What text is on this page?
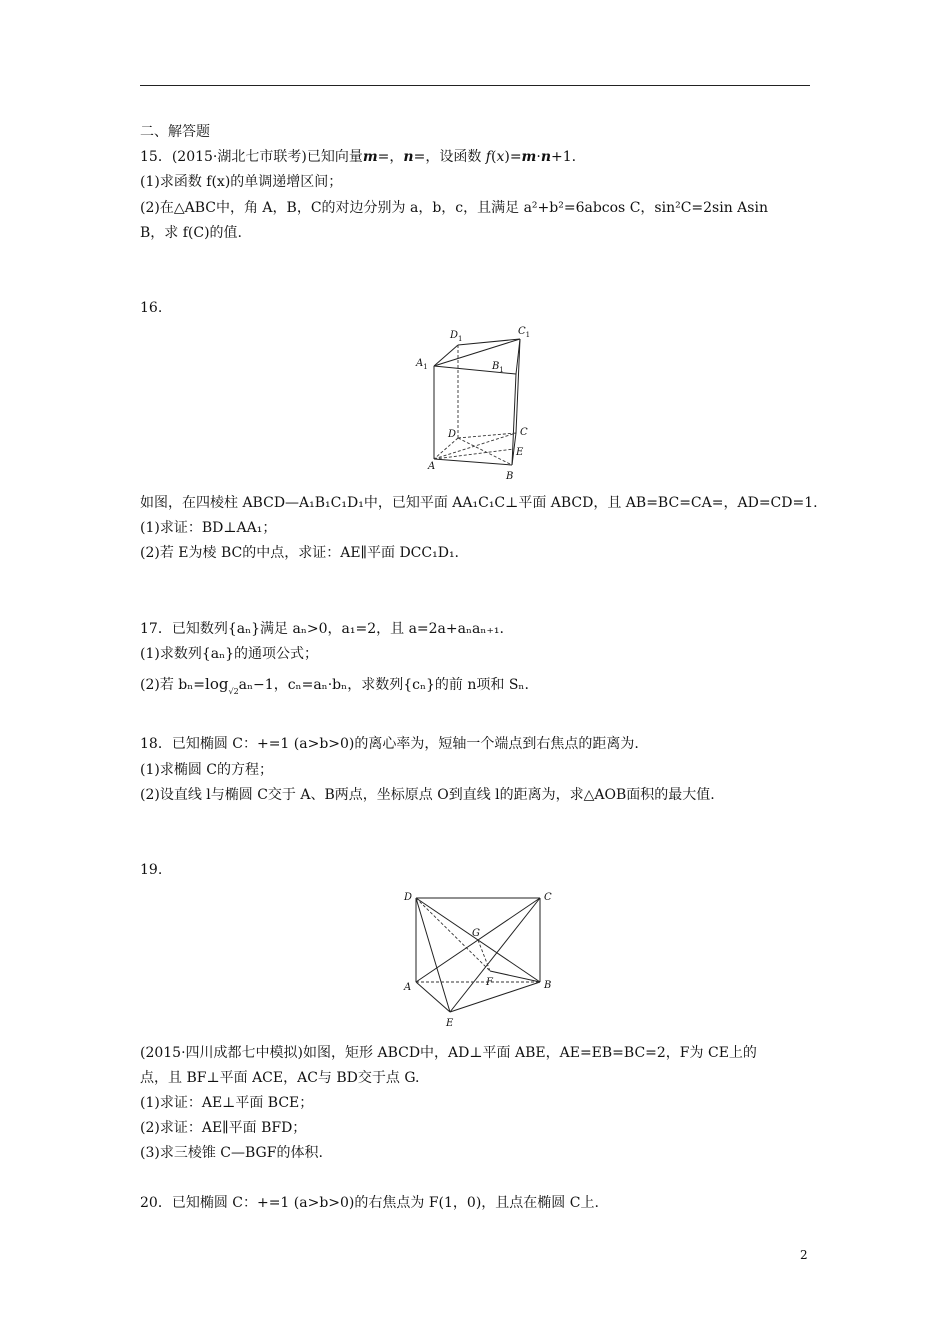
二、解答题
15．(2015·湖北七市联考)已知向量m=，n=，设函数 f(x)=m·n+1.
(1)求函数 f(x)的单调递增区间；
(2)在△ABC中，角 A，B，C的对边分别为 a，b，c，且满足 a²+b²=6abcos C，sin²C=2sin Asin
B，求 f(C)的值.
16.
$D_1$
$C_1$
$A_1$	$B_1$
D	C
E
A
B
如图，在四棱柱 ABCD—A₁B₁C₁D₁中，已知平面 AA₁C₁C⊥平面 ABCD，且 AB=BC=CA=，AD=CD=1.
(1)求证：BD⊥AA₁；
(2)若 E为棱 BC的中点，求证：AE∥平面 DCC₁D₁.
17．已知数列{aₙ}满足 aₙ>0，a₁=2，且 a=2a+aₙaₙ₊₁.
(1)求数列{aₙ}的通项公式；
(2)若 $b_n=\log_{√2}a_n-1$，cₙ=aₙ·bₙ，求数列{cₙ}的前 n项和 Sₙ.
18．已知椭圆 C：+=1 (a>b>0)的离心率为，短轴一个端点到右焦点的距离为.
(1)求椭圆 C的方程；
(2)设直线 l与椭圆 C交于 A、B两点，坐标原点 O到直线 l的距离为，求△AOB面积的最大值.
19.
D	C
G
F
A	B
E
(2015·四川成都七中模拟)如图，矩形 ABCD中，AD⊥平面 ABE，AE=EB=BC=2，F为 CE上的
点，且 BF⊥平面 ACE，AC与 BD交于点 G.
(1)求证：AE⊥平面 BCE；
(2)求证：AE∥平面 BFD；
(3)求三棱锥 C—BGF的体积.
20．已知椭圆 C：+=1 (a>b>0)的右焦点为 F(1，0)，且点在椭圆 C上.
2
